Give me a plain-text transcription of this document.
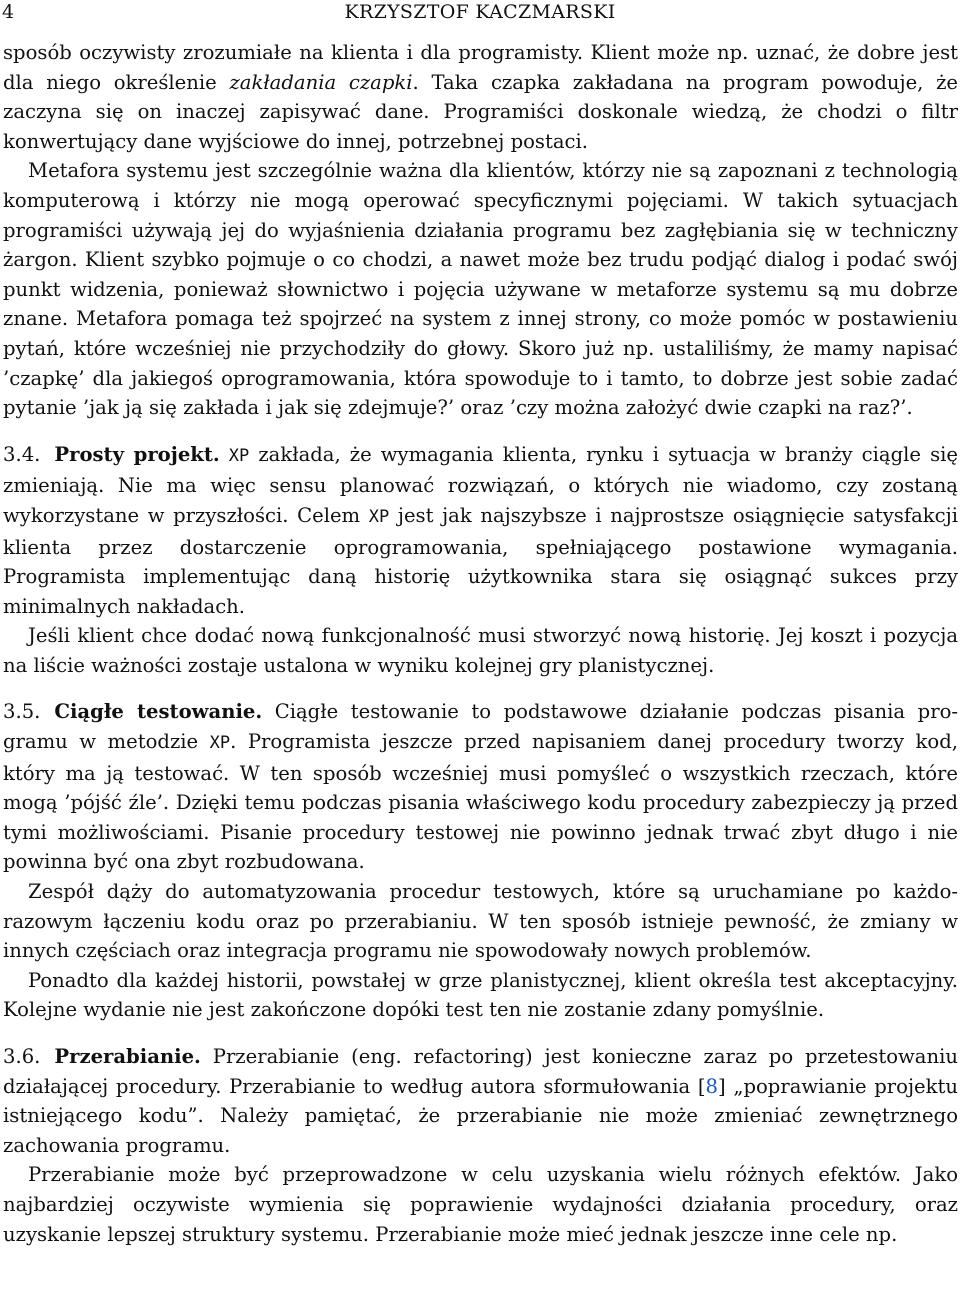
4	KRZYSZTOF KACZMARSKI

sposób oczywisty zrozumiałe na klienta i dla programisty. Klient może np. uznać, że dobre jest dla niego określenie zakładania czapki. Taka czapka zakładana na program powoduje, że zaczyna się on inaczej zapisywać dane. Programiści doskonale wiedzą, że chodzi o filtr konwertujący dane wyjściowe do innej, potrzebnej postaci.

Metafora systemu jest szczególnie ważna dla klientów, którzy nie są zapoznani z technologią komputerową i którzy nie mogą operować specyficznymi pojęciami. W takich sytuacjach programiści używają jej do wyjaśnienia działania programu bez zagłębiania się w techniczny żargon. Klient szybko pojmuje o co chodzi, a nawet może bez trudu podjąć dialog i podać swój punkt widzenia, ponieważ słownictwo i pojęcia używane w metaforze systemu są mu dobrze znane. Metafora pomaga też spojrzeć na system z innej strony, co może pomóc w postawieniu pytań, które wcześniej nie przychodziły do głowy. Skoro już np. ustaliliśmy, że mamy napisać ’czapkę’ dla jakiegoś oprogramowania, która spowoduje to i tamto, to dobrze jest sobie zadać pytanie ’jak ją się zakłada i jak się zdejmuje?’ oraz ’czy można założyć dwie czapki na raz?’.

3.4. Prosty projekt. XP zakłada, że wymagania klienta, rynku i sytuacja w branży ciągle się zmieniają. Nie ma więc sensu planować rozwiązań, o których nie wiadomo, czy zostaną wykorzystane w przyszłości. Celem XP jest jak najszybsze i najprostsze osiągnięcie satysfakcji klienta przez dostarczenie oprogramowania, spełniającego postawione wymagania. Programista implementując daną historię użytkownika stara się osiągnąć sukces przy minimalnych nakładach.

Jeśli klient chce dodać nową funkcjonalność musi stworzyć nową historię. Jej koszt i pozycja na liście ważności zostaje ustalona w wyniku kolejnej gry planistycznej.

3.5. Ciągłe testowanie. Ciągłe testowanie to podstawowe działanie podczas pisania programu w metodzie XP. Programista jeszcze przed napisaniem danej procedury tworzy kod, który ma ją testować. W ten sposób wcześniej musi pomyśleć o wszystkich rzeczach, które mogą ’pójść źle’. Dzięki temu podczas pisania właściwego kodu procedury zabezpieczy ją przed tymi możliwościami. Pisanie procedury testowej nie powinno jednak trwać zbyt długo i nie powinna być ona zbyt rozbudowana.

Zespół dąży do automatyzowania procedur testowych, które są uruchamiane po każdorazowym łączeniu kodu oraz po przerabianiu. W ten sposób istnieje pewność, że zmiany w innych częściach oraz integracja programu nie spowodowały nowych problemów.

Ponadto dla każdej historii, powstałej w grze planistycznej, klient określa test akceptacyjny. Kolejne wydanie nie jest zakończone dopóki test ten nie zostanie zdany pomyślnie.

3.6. Przerabianie. Przerabianie (eng. refactoring) jest konieczne zaraz po przetestowaniu działającej procedury. Przerabianie to według autora sformułowania [8] „poprawianie projektu istniejącego kodu”. Należy pamiętać, że przerabianie nie może zmieniać zewnętrznego zachowania programu.

Przerabianie może być przeprowadzone w celu uzyskania wielu różnych efektów. Jako najbardziej oczywiste wymienia się poprawienie wydajności działania procedury, oraz uzyskanie lepszej struktury systemu. Przerabianie może mieć jednak jeszcze inne cele np.
